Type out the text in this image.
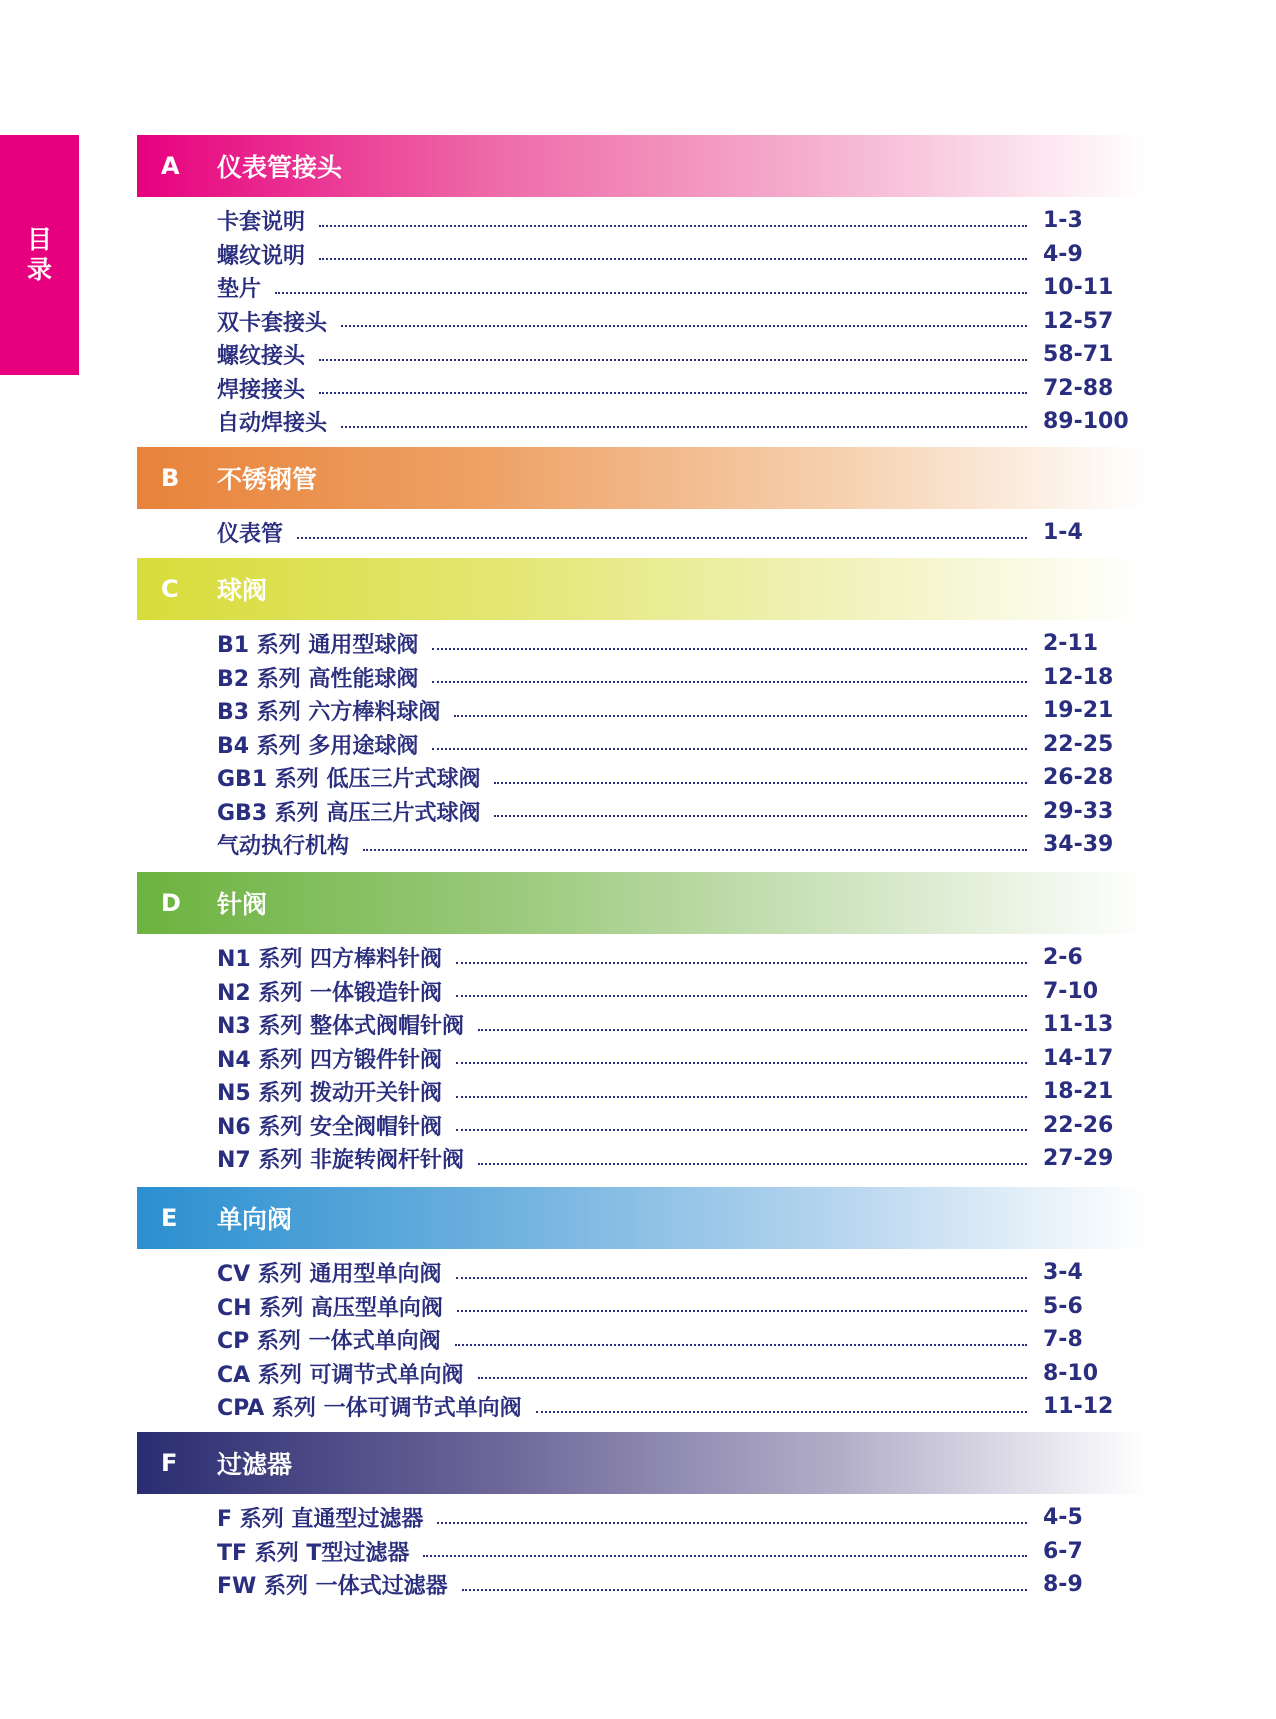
目
录
A	仪表管接头
卡套说明	1-3
螺纹说明	4-9
垫片	10-11
双卡套接头	12-57
螺纹接头	58-71
焊接接头	72-88
自动焊接头	89-100
B	不锈钢管
仪表管	1-4
C	球阀
B1 系列 通用型球阀	2-11
B2 系列 高性能球阀	12-18
B3 系列 六方棒料球阀	19-21
B4 系列 多用途球阀	22-25
GB1 系列 低压三片式球阀	26-28
GB3 系列 高压三片式球阀	29-33
气动执行机构	34-39
D	针阀
N1 系列 四方棒料针阀	2-6
N2 系列 一体锻造针阀	7-10
N3 系列 整体式阀帽针阀	11-13
N4 系列 四方锻件针阀	14-17
N5 系列 拨动开关针阀	18-21
N6 系列 安全阀帽针阀	22-26
N7 系列 非旋转阀杆针阀	27-29
E	单向阀
CV 系列 通用型单向阀	3-4
CH 系列 高压型单向阀	5-6
CP 系列 一体式单向阀	7-8
CA 系列 可调节式单向阀	8-10
CPA 系列 一体可调节式单向阀	11-12
F	过滤器
F 系列 直通型过滤器	4-5
TF 系列 T型过滤器	6-7
FW 系列 一体式过滤器	8-9
